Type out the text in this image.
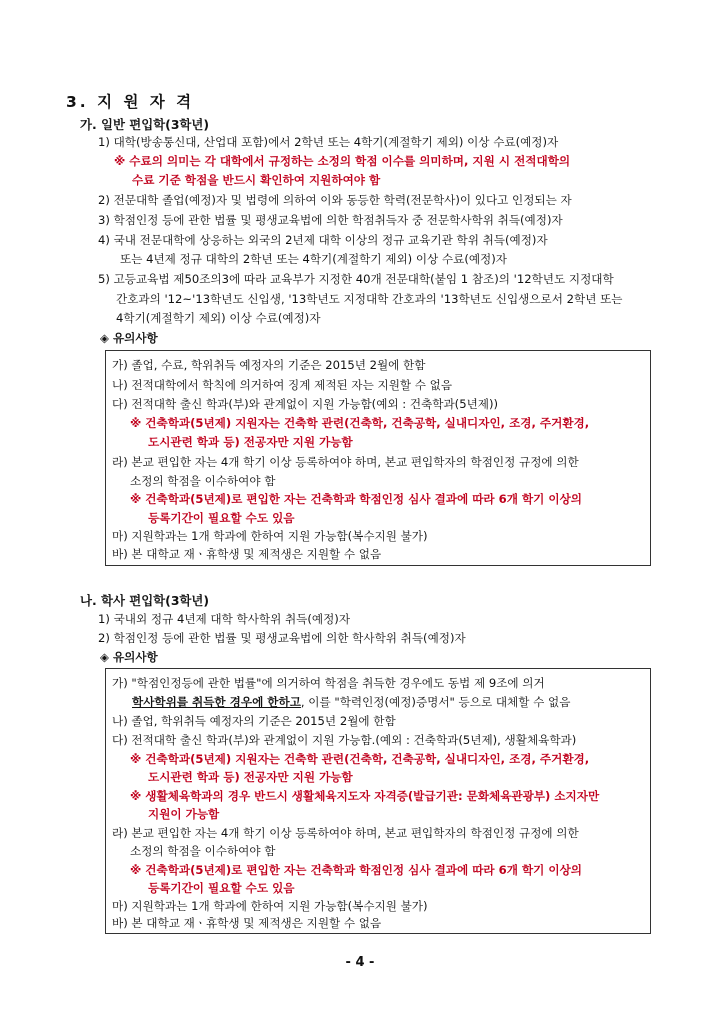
3. 지 원 자 격
가. 일반 편입학(3학년)
1) 대학(방송통신대, 산업대 포함)에서 2학년 또는 4학기(계절학기 제외) 이상 수료(예정)자
※ 수료의 의미는 각 대학에서 규정하는 소정의 학점 이수를 의미하며, 지원 시 전적대학의
수료 기준 학점을 반드시 확인하여 지원하여야 함
2) 전문대학 졸업(예정)자 및 법령에 의하여 이와 동등한 학력(전문학사)이 있다고 인정되는 자
3) 학점인정 등에 관한 법률 및 평생교육법에 의한 학점취득자 중 전문학사학위 취득(예정)자
4) 국내 전문대학에 상응하는 외국의 2년제 대학 이상의 정규 교육기관 학위 취득(예정)자
또는 4년제 정규 대학의 2학년 또는 4학기(계절학기 제외) 이상 수료(예정)자
5) 고등교육법 제50조의3에 따라 교육부가 지정한 40개 전문대학(붙임 1 참조)의 '12학년도 지정대학
간호과의 '12~'13학년도 신입생, '13학년도 지정대학 간호과의 '13학년도 신입생으로서 2학년 또는
4학기(계절학기 제외) 이상 수료(예정)자
◈ 유의사항
가) 졸업, 수료, 학위취득 예정자의 기준은 2015년 2월에 한함
나) 전적대학에서 학칙에 의거하여 징계 제적된 자는 지원할 수 없음
다) 전적대학 출신 학과(부)와 관계없이 지원 가능함(예외 : 건축학과(5년제))
※ 건축학과(5년제) 지원자는 건축학 관련(건축학, 건축공학, 실내디자인, 조경, 주거환경,
도시관련 학과 등) 전공자만 지원 가능함
라) 본교 편입한 자는 4개 학기 이상 등록하여야 하며, 본교 편입학자의 학점인정 규정에 의한
소정의 학점을 이수하여야 함
※ 건축학과(5년제)로 편입한 자는 건축학과 학점인정 심사 결과에 따라 6개 학기 이상의
등록기간이 필요할 수도 있음
마) 지원학과는 1개 학과에 한하여 지원 가능함(복수지원 불가)
바) 본 대학교 재ㆍ휴학생 및 제적생은 지원할 수 없음
나. 학사 편입학(3학년)
1) 국내외 정규 4년제 대학 학사학위 취득(예정)자
2) 학점인정 등에 관한 법률 및 평생교육법에 의한 학사학위 취득(예정)자
◈ 유의사항
가) "학점인정등에 관한 법률"에 의거하여 학점을 취득한 경우에도 동법 제 9조에 의거
학사학위를 취득한 경우에 한하고, 이를 "학력인정(예정)증명서" 등으로 대체할 수 없음
나) 졸업, 학위취득 예정자의 기준은 2015년 2월에 한함
다) 전적대학 출신 학과(부)와 관계없이 지원 가능함.(예외 : 건축학과(5년제), 생활체육학과)
※ 건축학과(5년제) 지원자는 건축학 관련(건축학, 건축공학, 실내디자인, 조경, 주거환경,
도시관련 학과 등) 전공자만 지원 가능함
※ 생활체육학과의 경우 반드시 생활체육지도자 자격증(발급기관: 문화체육관광부) 소지자만
지원이 가능함
라) 본교 편입한 자는 4개 학기 이상 등록하여야 하며, 본교 편입학자의 학점인정 규정에 의한
소정의 학점을 이수하여야 함
※ 건축학과(5년제)로 편입한 자는 건축학과 학점인정 심사 결과에 따라 6개 학기 이상의
등록기간이 필요할 수도 있음
마) 지원학과는 1개 학과에 한하여 지원 가능함(복수지원 불가)
바) 본 대학교 재ㆍ휴학생 및 제적생은 지원할 수 없음
- 4 -
